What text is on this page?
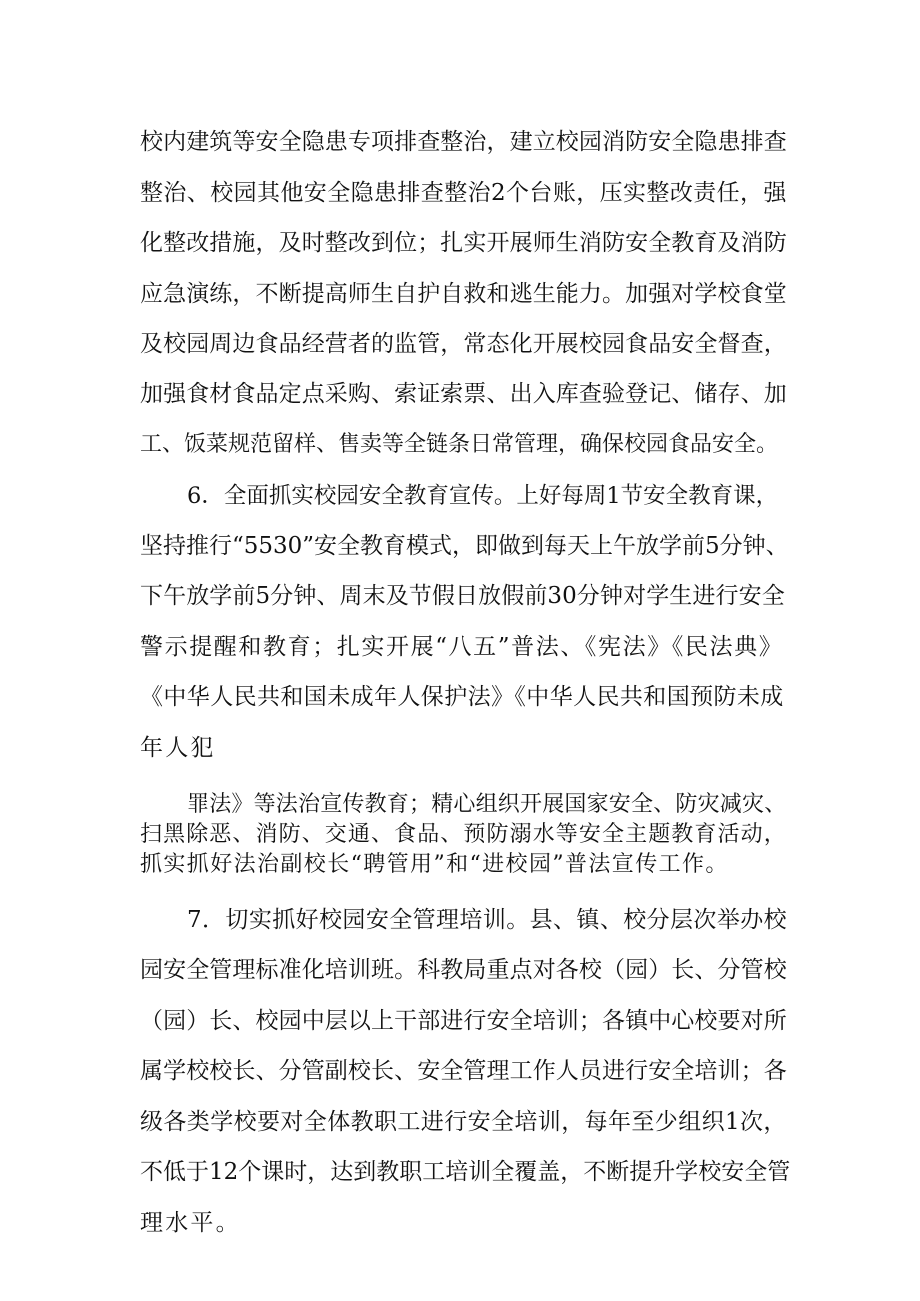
校内建筑等安全隐患专项排查整治，建立校园消防安全隐患排查
整治、校园其他安全隐患排查整治2个台账，压实整改责任，强
化整改措施，及时整改到位；扎实开展师生消防安全教育及消防
应急演练，不断提高师生自护自救和逃生能力。加强对学校食堂
及校园周边食品经营者的监管，常态化开展校园食品安全督查，
加强食材食品定点采购、索证索票、出入库查验登记、储存、加
工、饭菜规范留样、售卖等全链条日常管理，确保校园食品安全。
6．全面抓实校园安全教育宣传。上好每周1节安全教育课，
坚持推行“5530”安全教育模式，即做到每天上午放学前5分钟、
下午放学前5分钟、周末及节假日放假前30分钟对学生进行安全
警示提醒和教育；扎实开展“八五”普法、《宪法》《民法典》
《中华人民共和国未成年人保护法》《中华人民共和国预防未成
年人犯
罪法》等法治宣传教育；精心组织开展国家安全、防灾减灾、
扫黑除恶、消防、交通、食品、预防溺水等安全主题教育活动，
抓实抓好法治副校长“聘管用”和“进校园”普法宣传工作。
7．切实抓好校园安全管理培训。县、镇、校分层次举办校
园安全管理标准化培训班。科教局重点对各校（园）长、分管校
（园）长、校园中层以上干部进行安全培训；各镇中心校要对所
属学校校长、分管副校长、安全管理工作人员进行安全培训；各
级各类学校要对全体教职工进行安全培训，每年至少组织1次，
不低于12个课时，达到教职工培训全覆盖，不断提升学校安全管
理水平。
